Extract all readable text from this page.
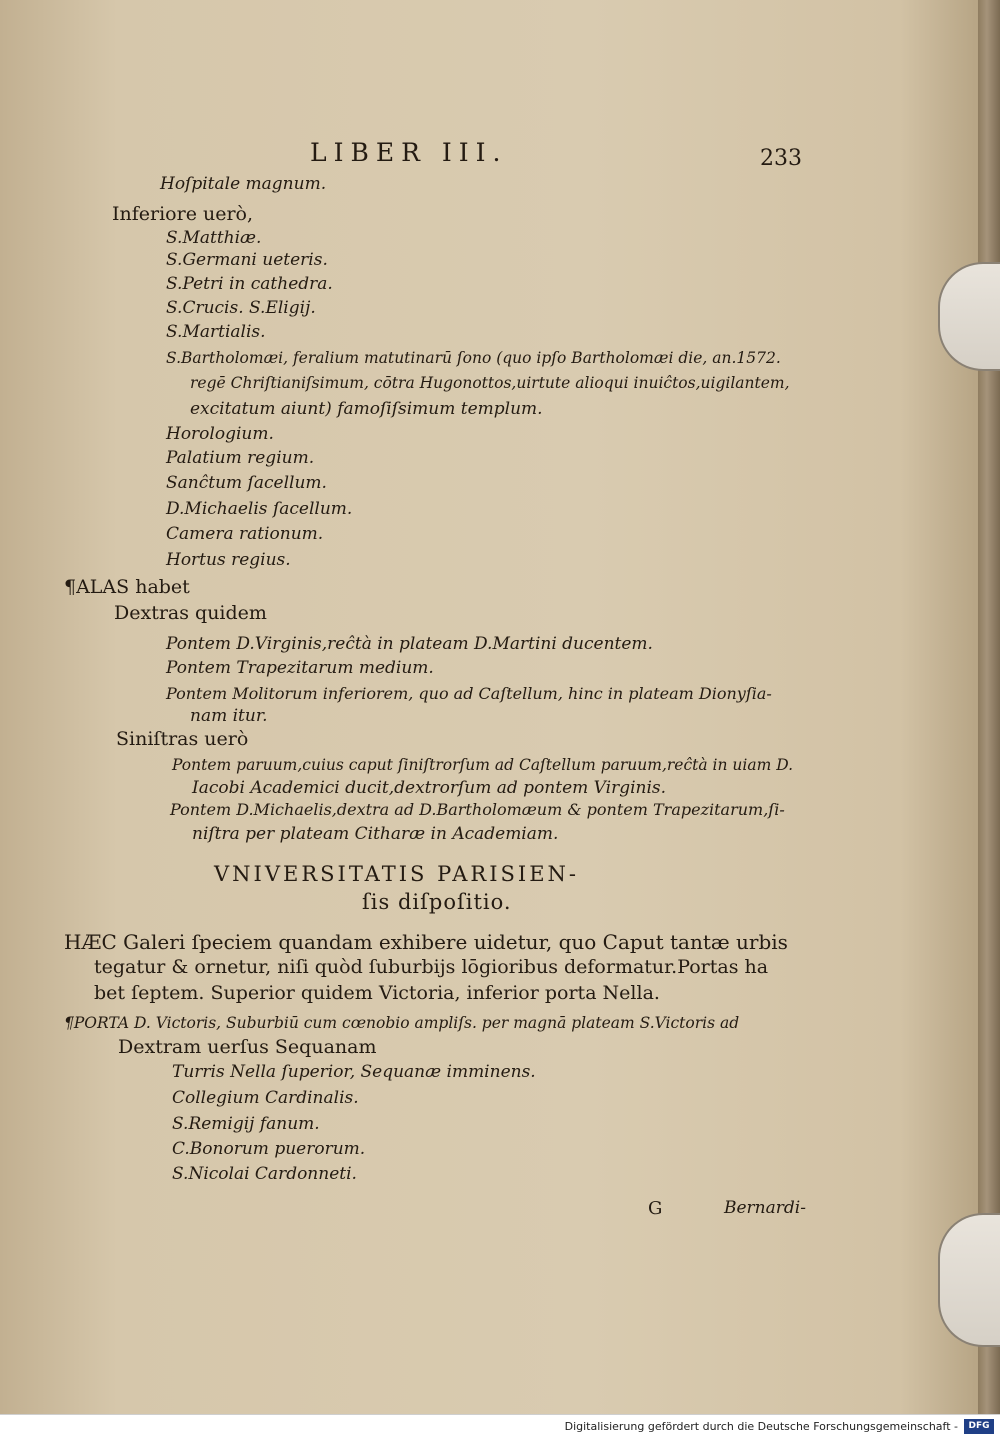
LIBER III.	233
Hoſpitale magnum.
Inferiore uerò,
S.Matthiæ.
S.Germani ueteris.
S.Petri in cathedra.
S.Crucis. S.Eligij.
S.Martialis.
S.Bartholomæi, feralium matutinarū ſono (quo ipſo Bartholomæi die, an.1572.
regē Chriſtianiſsimum, cōtra Hugonottos,uirtute alioqui inuiĉtos,uigilantem,
excitatum aiunt) famoſiſsimum templum.
Horologium.
Palatium regium.
Sanĉtum ſacellum.
D.Michaelis ſacellum.
Camera rationum.
Hortus regius.
¶ALAS habet
Dextras quidem
Pontem D.Virginis,reĉtà in plateam D.Martini ducentem.
Pontem Trapezitarum medium.
Pontem Molitorum inferiorem, quo ad Caſtellum, hinc in plateam Dionyſia-
nam itur.
Siniſtras uerò
Pontem paruum,cuius caput ſiniſtrorſum ad Caſtellum paruum,reĉtà in uiam D.
Iacobi Academici ducit,dextrorſum ad pontem Virginis.
Pontem D.Michaelis,dextra ad D.Bartholomæum & pontem Trapezitarum,ſi-
niſtra per plateam Citharæ in Academiam.
VNIVERSITATIS PARISIEN-
ſis diſpoſitio.
HÆC Galeri ſpeciem quandam exhibere uidetur, quo Caput tantæ urbis
tegatur & ornetur, niſi quòd ſuburbijs lōgioribus deformatur.Portas ha
bet ſeptem. Superior quidem Victoria, inferior porta Nella.
¶PORTA D. Victoris, Suburbiū cum cœnobio ampliſs. per magnā plateam S.Victoris ad
Dextram uerſus Sequanam
Turris Nella ſuperior, Sequanæ imminens.
Collegium Cardinalis.
S.Remigij fanum.
C.Bonorum puerorum.
S.Nicolai Cardonneti.
G	Bernardi-
Digitalisierung gefördert durch die Deutsche Forschungsgemeinschaft -	DFG
